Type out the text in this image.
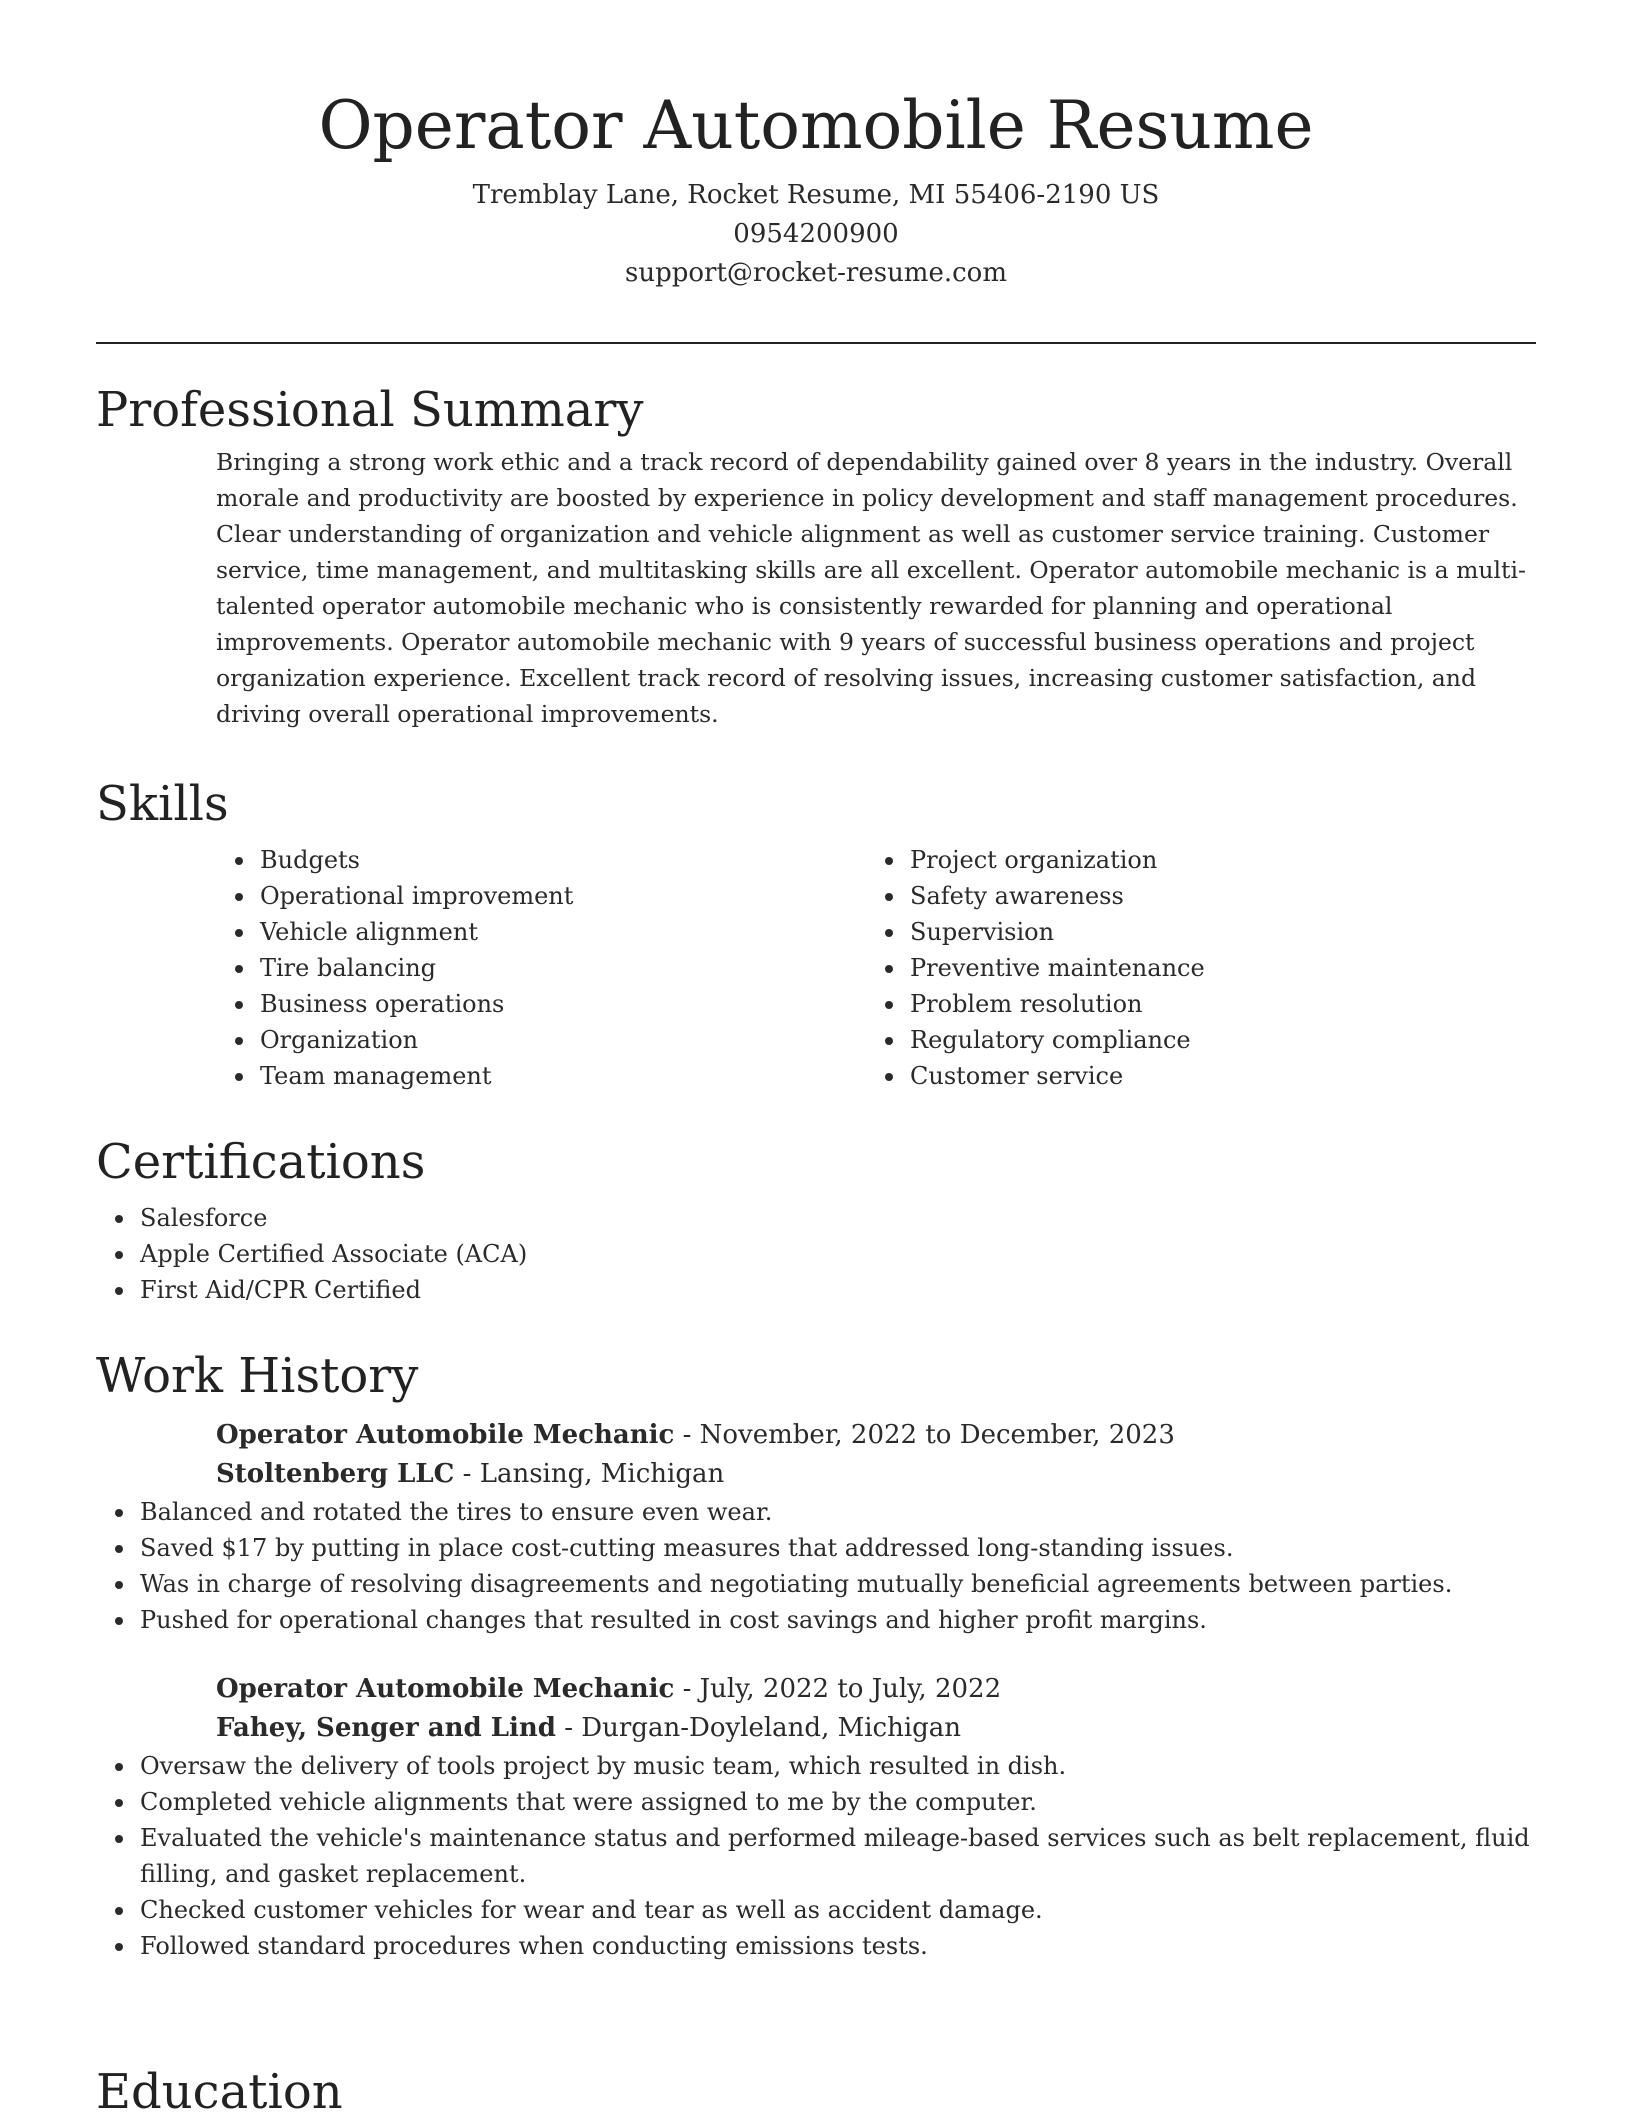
Operator Automobile Resume
Tremblay Lane, Rocket Resume, MI 55406-2190 US
0954200900
support@rocket-resume.com
Professional Summary

Bringing a strong work ethic and a track record of dependability gained over 8 years in the industry. Overall morale and productivity are boosted by experience in policy development and staff management procedures. Clear understanding of organization and vehicle alignment as well as customer service training. Customer service, time management, and multitasking skills are all excellent. Operator automobile mechanic is a multi-talented operator automobile mechanic who is consistently rewarded for planning and operational improvements. Operator automobile mechanic with 9 years of successful business operations and project organization experience. Excellent track record of resolving issues, increasing customer satisfaction, and driving overall operational improvements.

Skills
Budgets
Operational improvement
Vehicle alignment
Tire balancing
Business operations
Organization
Team management
Project organization
Safety awareness
Supervision
Preventive maintenance
Problem resolution
Regulatory compliance
Customer service
Certifications
Salesforce
Apple Certified Associate (ACA)
First Aid/CPR Certified
Work History
Operator Automobile Mechanic - November, 2022 to December, 2023
Stoltenberg LLC - Lansing, Michigan
Balanced and rotated the tires to ensure even wear.
Saved $17 by putting in place cost-cutting measures that addressed long-standing issues.
Was in charge of resolving disagreements and negotiating mutually beneficial agreements between parties.
Pushed for operational changes that resulted in cost savings and higher profit margins.
Operator Automobile Mechanic - July, 2022 to July, 2022
Fahey, Senger and Lind - Durgan-Doyleland, Michigan
Oversaw the delivery of tools project by music team, which resulted in dish.
Completed vehicle alignments that were assigned to me by the computer.
Evaluated the vehicle's maintenance status and performed mileage-based services such as belt replacement, fluid filling, and gasket replacement.
Checked customer vehicles for wear and tear as well as accident damage.
Followed standard procedures when conducting emissions tests.
Education
